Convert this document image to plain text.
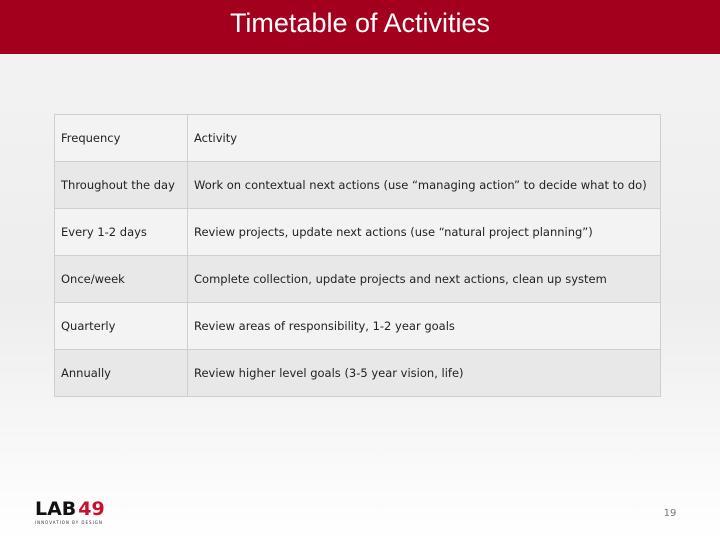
Timetable of Activities
Frequency	Activity
Throughout the day	Work on contextual next actions (use “managing action” to decide what to do)
Every 1-2 days	Review projects, update next actions (use “natural project planning”)
Once/week	Complete collection, update projects and next actions, clean up system
Quarterly	Review areas of responsibility, 1-2 year goals
Annually	Review higher level goals (3-5 year vision, life)
LAB 49
INNOVATION BY DESIGN
19
